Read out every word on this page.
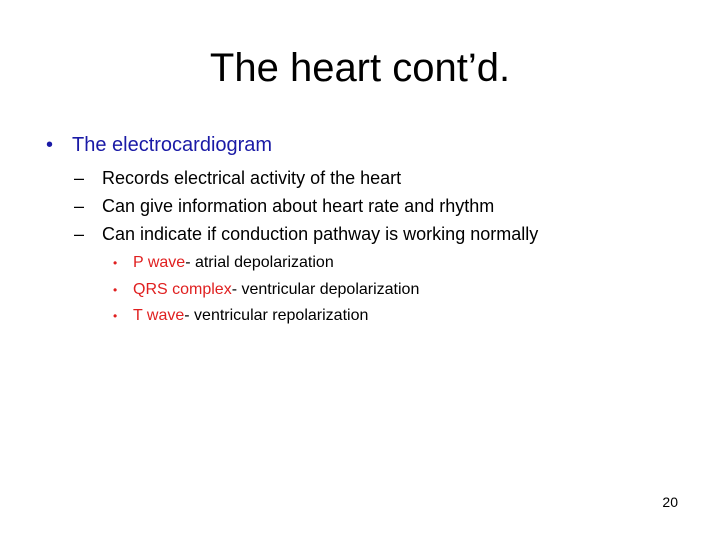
The heart cont’d.
• The electrocardiogram
– Records electrical activity of the heart
– Can give information about heart rate and rhythm
– Can indicate if conduction pathway is working normally
• P wave- atrial depolarization
• QRS complex- ventricular depolarization
• T wave- ventricular repolarization
20
